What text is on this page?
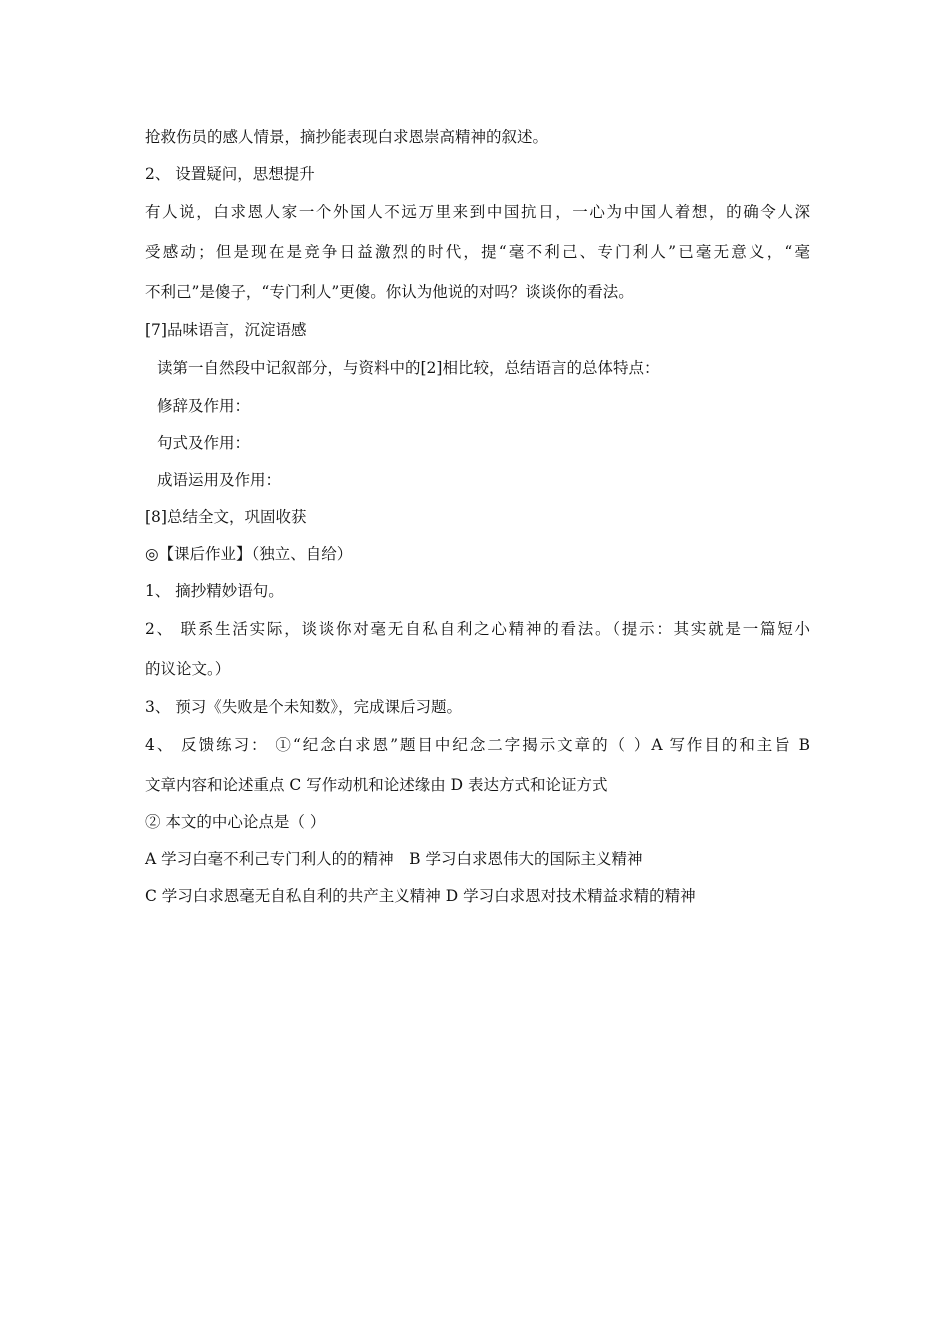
抢救伤员的感人情景，摘抄能表现白求恩崇高精神的叙述。
2、 设置疑问，思想提升
有人说，白求恩人家一个外国人不远万里来到中国抗日，一心为中国人着想，的确令人深
受感动；但是现在是竞争日益激烈的时代，提“毫不利己、专门利人”已毫无意义，“毫
不利己”是傻子，“专门利人”更傻。你认为他说的对吗？谈谈你的看法。
[7]品味语言，沉淀语感
读第一自然段中记叙部分，与资料中的[2]相比较，总结语言的总体特点：
修辞及作用：
句式及作用：
成语运用及作用：
[8]总结全文，巩固收获
◎【课后作业】（独立、自给）
1、 摘抄精妙语句。
2、 联系生活实际，谈谈你对毫无自私自利之心精神的看法。（提示：其实就是一篇短小
的议论文。）
3、 预习《失败是个未知数》，完成课后习题。
4、 反馈练习： ①“纪念白求恩”题目中纪念二字揭示文章的（ ）A 写作目的和主旨 B
文章内容和论述重点 C 写作动机和论述缘由 D 表达方式和论证方式
② 本文的中心论点是（ ）
A 学习白毫不利己专门利人的的精神　B 学习白求恩伟大的国际主义精神
C 学习白求恩毫无自私自利的共产主义精神 D 学习白求恩对技术精益求精的精神
